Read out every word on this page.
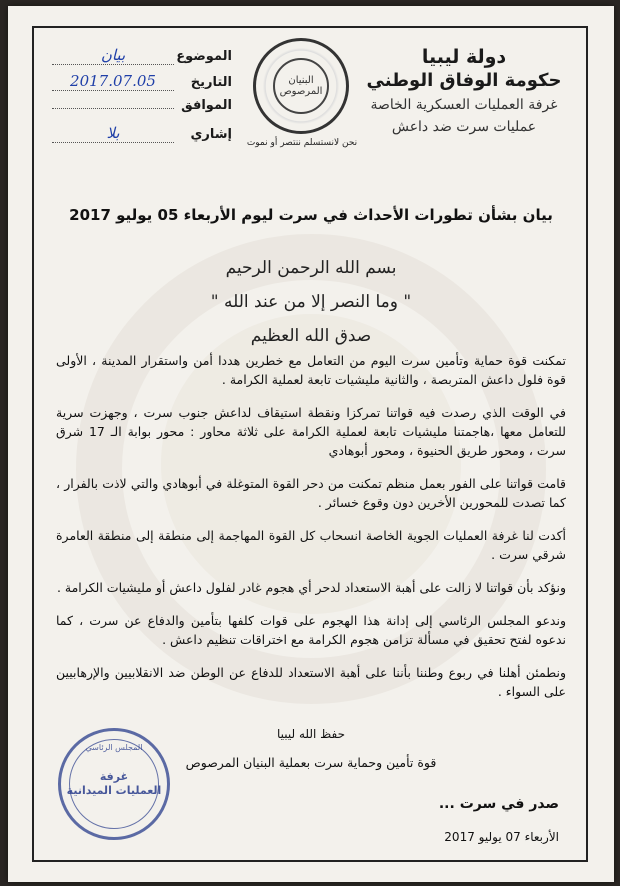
دولة ليبيا
حكومة الوفاق الوطني
غرفة العمليات العسكرية الخاصة
عمليات سرت ضد داعش
البنيان المرصوص
نحن لانستسلم ننتصر أو نموت
الموضوع
بيان
التاريخ
2017.07.05
الموافق
إشاري
بلا
بيان بشأن تطورات الأحداث في سرت ليوم الأربعاء 05 يوليو 2017
بسم الله الرحمن الرحيم
" وما النصر إلا من عند الله "
صدق الله العظيم

تمكنت قوة حماية وتأمين سرت اليوم من التعامل مع خطرين هددا أمن واستقرار المدينة ، الأولى قوة فلول داعش المتربصة ، والثانية مليشيات تابعة لعملية الكرامة .

في الوقت الذي رصدت فيه قواتنا تمركزا ونقطة استيقاف لداعش جنوب سرت ، وجهزت سرية للتعامل معها ،هاجمتنا مليشيات تابعة لعملية الكرامة على ثلاثة محاور : محور بوابة الـ 17 شرق سرت ، ومحور طريق الحنيوة ، ومحور أبوهادي

قامت قواتنا على الفور بعمل منظم تمكنت من دحر القوة المتوغلة في أبوهادي والتي لاذت بالفرار ، كما تصدت للمحورين الأخرين دون وقوع خسائر .

أكدت لنا غرفة العمليات الجوية الخاصة انسحاب كل القوة المهاجمة إلى منطقة إلى منطقة العامرة شرقي سرت .

ونؤكد بأن قواتنا لا زالت على أهبة الاستعداد لدحر أي هجوم غادر لفلول داعش أو مليشيات الكرامة .

وندعو المجلس الرئاسي إلى إدانة هذا الهجوم على قوات كلفها بتأمين والدفاع عن سرت ، كما ندعوه لفتح تحقيق في مسألة تزامن هجوم الكرامة مع اختراقات تنظيم داعش .

ونطمئن أهلنا في ربوع وطننا بأننا على أهبة الاستعداد للدفاع عن الوطن ضد الانقلابيين والإرهابيين على السواء .

حفظ الله ليبيا
قوة تأمين وحماية سرت بعملية البنيان المرصوص
المجلس الرئاسي
غرفة
العمليات الميدانية
صدر في سرت ...
الأربعاء 07 يوليو 2017
